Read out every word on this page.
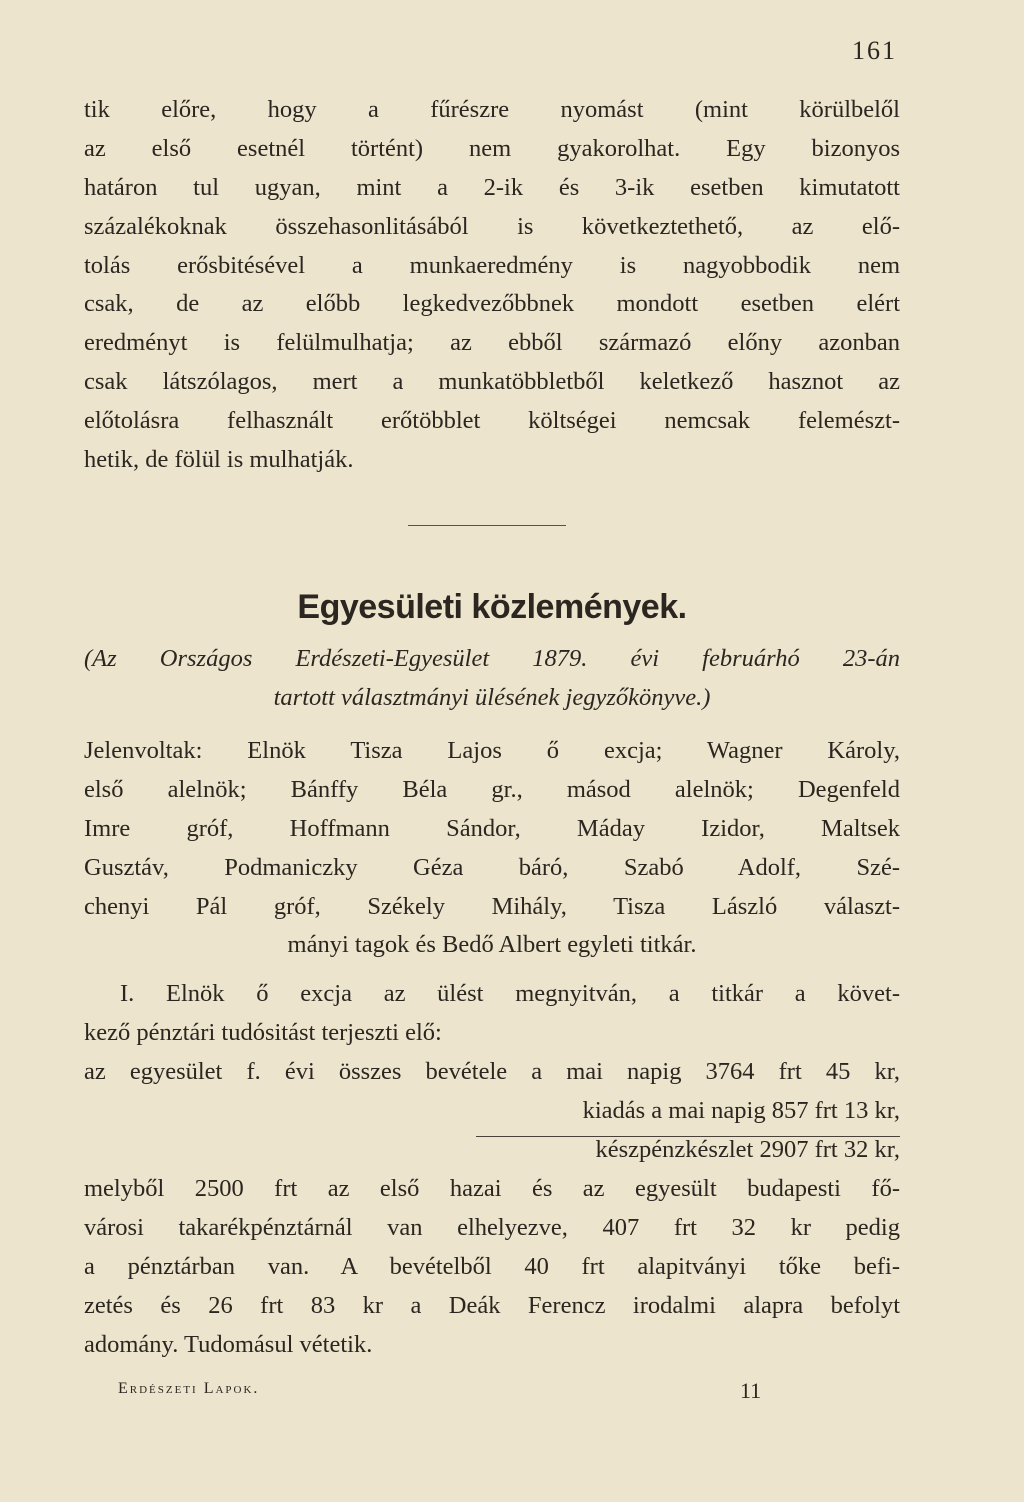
161
tik előre, hogy a fűrészre nyomást (mint körülbelől
az első esetnél történt) nem gyakorolhat. Egy bizonyos
határon tul ugyan, mint a 2-ik és 3-ik esetben kimutatott
százalékoknak összehasonlitásából is következtethető, az elő-
tolás erősbitésével a munkaeredmény is nagyobbodik nem
csak, de az előbb legkedvezőbbnek mondott esetben elért
eredményt is felülmulhatja; az ebből származó előny azonban
csak látszólagos, mert a munkatöbbletből keletkező hasznot az
előtolásra felhasznált erőtöbblet költségei nemcsak felemészt-
hetik, de fölül is mulhatják.
Egyesületi közlemények.
(Az Országos Erdészeti-Egyesület 1879. évi februárhó 23-án
tartott választmányi ülésének jegyzőkönyve.)
Jelenvoltak: Elnök Tisza Lajos ő excja; Wagner Károly,
első alelnök; Bánffy Béla gr., másod alelnök; Degenfeld
Imre gróf, Hoffmann Sándor, Máday Izidor, Maltsek
Gusztáv, Podmaniczky Géza báró, Szabó Adolf, Szé-
chenyi Pál gróf, Székely Mihály, Tisza László választ-
mányi tagok és Bedő Albert egyleti titkár.
I. Elnök ő excja az ülést megnyitván, a titkár a követ-
kező pénztári tudósitást terjeszti elő:
az egyesület f. évi összes bevétele a mai napig 3764 frt 45 kr,
kiadás a mai napig 857 frt 13 kr,
készpénzkészlet 2907 frt 32 kr,
melyből 2500 frt az első hazai és az egyesült budapesti fő-
városi takarékpénztárnál van elhelyezve, 407 frt 32 kr pedig
a pénztárban van. A bevételből 40 frt alapitványi tőke befi-
zetés és 26 frt 83 kr a Deák Ferencz irodalmi alapra befolyt
adomány. Tudomásul vétetik.
Erdészeti Lapok.	11
